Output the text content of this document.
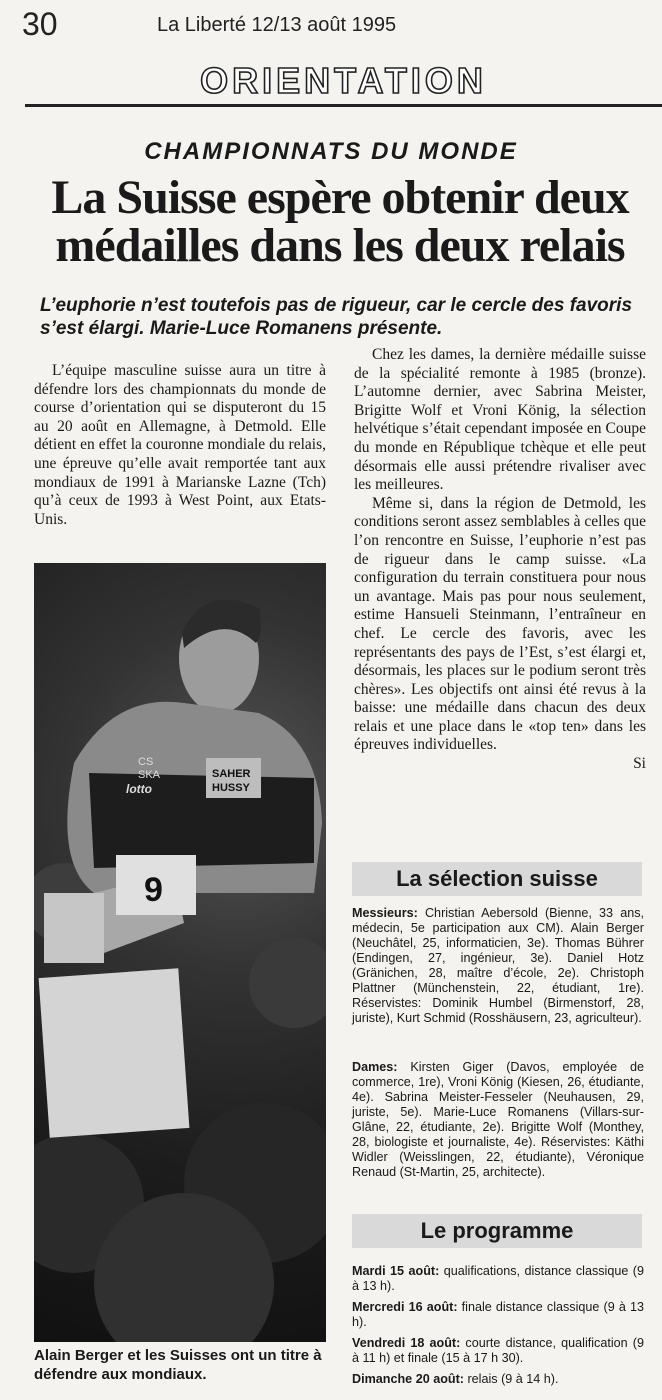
30	La Liberté 12/13 août 1995
ORIENTATION
CHAMPIONNATS DU MONDE
La Suisse espère obtenir deux médailles dans les deux relais
L’euphorie n’est toutefois pas de rigueur, car le cercle des favoris s’est élargi. Marie-Luce Romanens présente.

L’équipe masculine suisse aura un titre à défendre lors des championnats du monde de course d’orientation qui se disputeront du 15 au 20 août en Allemagne, à Detmold. Elle détient en effet la couronne mondiale du relais, une épreuve qu’elle avait remportée tant aux mondiaux de 1991 à Marianske Lazne (Tch) qu’à ceux de 1993 à West Point, aux Etats-Unis.

CS
SKA	SAHER
HUSSY
lotto
9
Alain Berger et les Suisses ont un titre à défendre aux mondiaux.

Chez les dames, la dernière médaille suisse de la spécialité remonte à 1985 (bronze). L’automne dernier, avec Sabrina Meister, Brigitte Wolf et Vroni König, la sélection helvétique s’était cependant imposée en Coupe du monde en République tchèque et elle peut désormais elle aussi prétendre rivaliser avec les meilleures.

Même si, dans la région de Detmold, les conditions seront assez semblables à celles que l’on rencontre en Suisse, l’euphorie n’est pas de rigueur dans le camp suisse. «La configuration du terrain constituera pour nous un avantage. Mais pas pour nous seulement, estime Hansueli Steinmann, l’entraîneur en chef. Le cercle des favoris, avec les représentants des pays de l’Est, s’est élargi et, désormais, les places sur le podium seront très chères». Les objectifs ont ainsi été revus à la baisse: une médaille dans chacun des deux relais et une place dans le «top ten» dans les épreuves individuelles.

Si
La sélection suisse

Messieurs: Christian Aebersold (Bienne, 33 ans, médecin, 5e participation aux CM). Alain Berger (Neuchâtel, 25, informaticien, 3e). Thomas Bührer (Endingen, 27, ingénieur, 3e). Daniel Hotz (Gränichen, 28, maître d’école, 2e). Christoph Plattner (Münchenstein, 22, étudiant, 1re). Réservistes: Dominik Humbel (Birmenstorf, 28, juriste), Kurt Schmid (Rosshäusern, 23, agriculteur).

Dames: Kirsten Giger (Davos, employée de commerce, 1re), Vroni König (Kiesen, 26, étudiante, 4e). Sabrina Meister-Fesseler (Neuhausen, 29, juriste, 5e). Marie-Luce Romanens (Villars-sur-Glâne, 22, étudiante, 2e). Brigitte Wolf (Monthey, 28, biologiste et journaliste, 4e). Réservistes: Käthi Widler (Weisslingen, 22, étudiante), Véronique Renaud (St-Martin, 25, architecte).

Le programme

Mardi 15 août: qualifications, distance classique (9 à 13 h).

Mercredi 16 août: finale distance classique (9 à 13 h).

Vendredi 18 août: courte distance, qualification (9 à 11 h) et finale (15 à 17 h 30).

Dimanche 20 août: relais (9 à 14 h).
